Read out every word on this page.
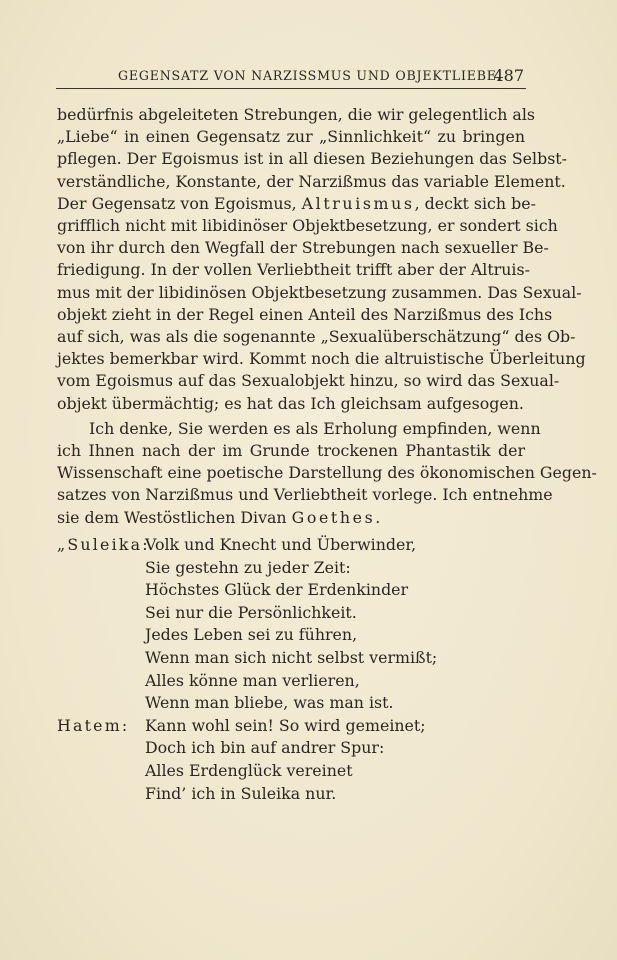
GEGENSATZ VON NARZISSMUS UND OBJEKTLIEBE.
487
bedürfnis abgeleiteten Strebungen, die wir gelegentlich als
„Liebe“ in einen Gegensatz zur „Sinnlichkeit“ zu bringen
pflegen. Der Egoismus ist in all diesen Beziehungen das Selbst-
verständliche, Konstante, der Narzißmus das variable Element.
Der Gegensatz von Egoismus, Altruismus, deckt sich be-
grifflich nicht mit libidinöser Objektbesetzung, er sondert sich
von ihr durch den Wegfall der Strebungen nach sexueller Be-
friedigung. In der vollen Verliebtheit trifft aber der Altruis-
mus mit der libidinösen Objektbesetzung zusammen. Das Sexual-
objekt zieht in der Regel einen Anteil des Narzißmus des Ichs
auf sich, was als die sogenannte „Sexualüberschätzung“ des Ob-
jektes bemerkbar wird. Kommt noch die altruistische Überleitung
vom Egoismus auf das Sexualobjekt hinzu, so wird das Sexual-
objekt übermächtig; es hat das Ich gleichsam aufgesogen.
Ich denke, Sie werden es als Erholung empfinden, wenn
ich Ihnen nach der im Grunde trockenen Phantastik der
Wissenschaft eine poetische Darstellung des ökonomischen Gegen-
satzes von Narzißmus und Verliebtheit vorlege. Ich entnehme
sie dem Westöstlichen Divan Goethes.
„Suleika:
Volk und Knecht und Überwinder,
Sie gestehn zu jeder Zeit:
Höchstes Glück der Erdenkinder
Sei nur die Persönlichkeit.
Jedes Leben sei zu führen,
Wenn man sich nicht selbst vermißt;
Alles könne man verlieren,
Wenn man bliebe, was man ist.
Hatem: Kann wohl sein! So wird gemeinet;
Doch ich bin auf andrer Spur:
Alles Erdenglück vereinet
Find’ ich in Suleika nur.
